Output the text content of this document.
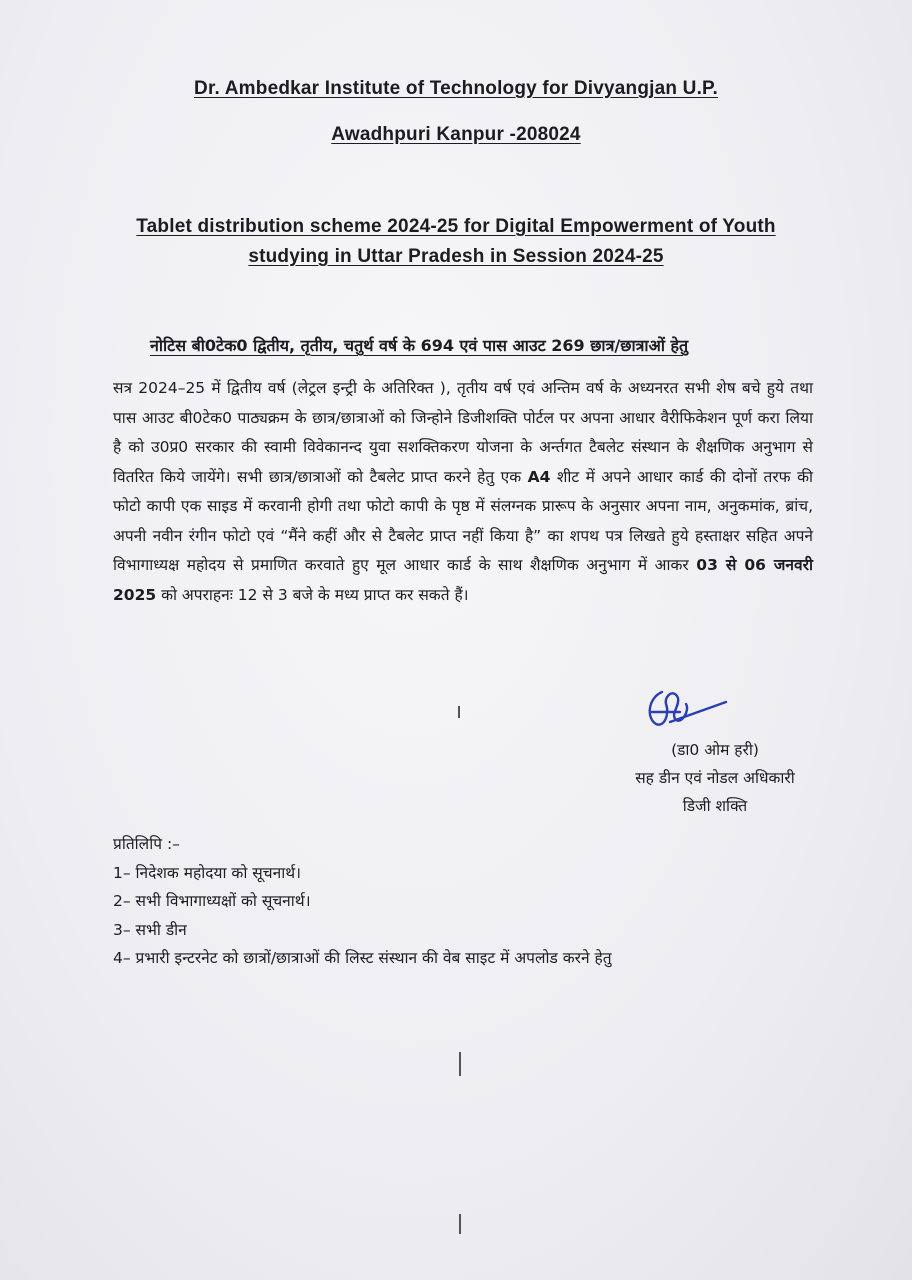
Dr. Ambedkar Institute of Technology for Divyangjan U.P.
Awadhpuri Kanpur -208024
Tablet distribution scheme 2024-25 for Digital Empowerment of Youth
studying in Uttar Pradesh in Session 2024-25
नोटिस बी0टेक0 द्वितीय, तृतीय, चतुर्थ वर्ष के 694 एवं पास आउट 269 छात्र/छात्राओं हेतु
सत्र 2024–25 में द्वितीय वर्ष (लेट्रल इन्ट्री के अतिरिक्त ), तृतीय वर्ष एवं अन्तिम वर्ष के अध्यनरत सभी शेष बचे हुये तथा पास आउट बी0टेक0 पाठ्यक्रम के छात्र/छात्राओं को जिन्होने डिजीशक्ति पोर्टल पर अपना आधार वैरीफिकेशन पूर्ण करा लिया है को उ0प्र0 सरकार की स्वामी विवेकानन्द युवा सशक्तिकरण योजना के अर्न्तगत टैबलेट संस्थान के शैक्षणिक अनुभाग से वितरित किये जायेंगे। सभी छात्र/छात्राओं को टैबलेट प्राप्त करने हेतु एक A4 शीट में अपने आधार कार्ड की दोनों तरफ की फोटो कापी एक साइड में करवानी होगी तथा फोटो कापी के पृष्ठ में संलग्नक प्रारूप के अनुसार अपना नाम, अनुकमांक, ब्रांच, अपनी नवीन रंगीन फोटो एवं “मैंने कहीं और से टैबलेट प्राप्त नहीं किया है” का शपथ पत्र लिखते हुये हस्ताक्षर सहित अपने विभागाध्यक्ष महोदय से प्रमाणित करवाते हुए मूल आधार कार्ड के साथ शैक्षणिक अनुभाग में आकर 03 से 06 जनवरी 2025 को अपराहनः 12 से 3 बजे के मध्य प्राप्त कर सकते हैं।
(डा0 ओम हरी)
सह डीन एवं नोडल अधिकारी
डिजी शक्ति
प्रतिलिपि :–
1– निदेशक महोदया को सूचनार्थ।
2– सभी विभागाध्यक्षों को सूचनार्थ।
3– सभी डीन
4– प्रभारी इन्टरनेट को छात्रों/छात्राओं की लिस्ट संस्थान की वेब साइट में अपलोड करने हेतु
